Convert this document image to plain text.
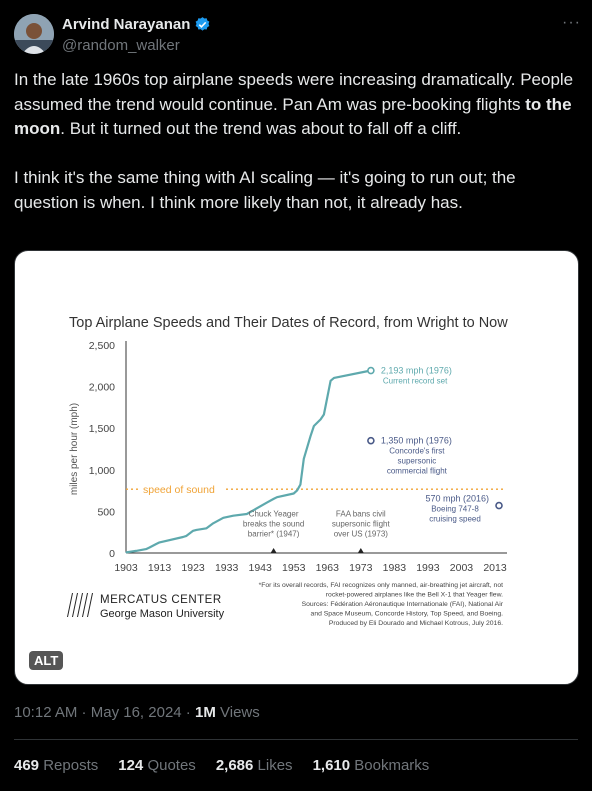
Arvind Narayanan
@random_walker
···

In the late 1960s top airplane speeds were increasing dramatically. People assumed the trend would continue. Pan Am was pre-booking flights to the moon. But it turned out the trend was about to fall off a cliff.

I think it's the same thing with AI scaling — it's going to run out; the question is when. I think more likely than not, it already has.

Top Airplane Speeds and Their Dates of Record, from Wright to Now
miles per hour (mph)
0
500
1,000
1,500
2,000
2,500
1903 1913 1923 1933 1943 1953 1963 1973 1983 1993 2003 2013
speed of sound
2,193 mph (1976)
Current record set
1,350 mph (1976)
Concorde's first
supersonic
commercial flight
570 mph (2016)
Boeing 747-8
cruising speed
Chuck Yeager
breaks the sound
barrier* (1947)
FAA bans civil
supersonic flight
over US (1973)
MERCATUS CENTER
George Mason University
*For its overall records, FAI recognizes only manned, air-breathing jet aircraft, not
rocket-powered airplanes like the Bell X-1 that Yeager flew.
Sources: Fédération Aéronautique Internationale (FAI), National Air
and Space Museum, Concorde History, Top Speed, and Boeing.
Produced by Eli Dourado and Michael Kotrous, July 2016.
ALT
10:12 AM · May 16, 2024 · 1M Views
469 Reposts 124 Quotes 2,686 Likes 1,610 Bookmarks
